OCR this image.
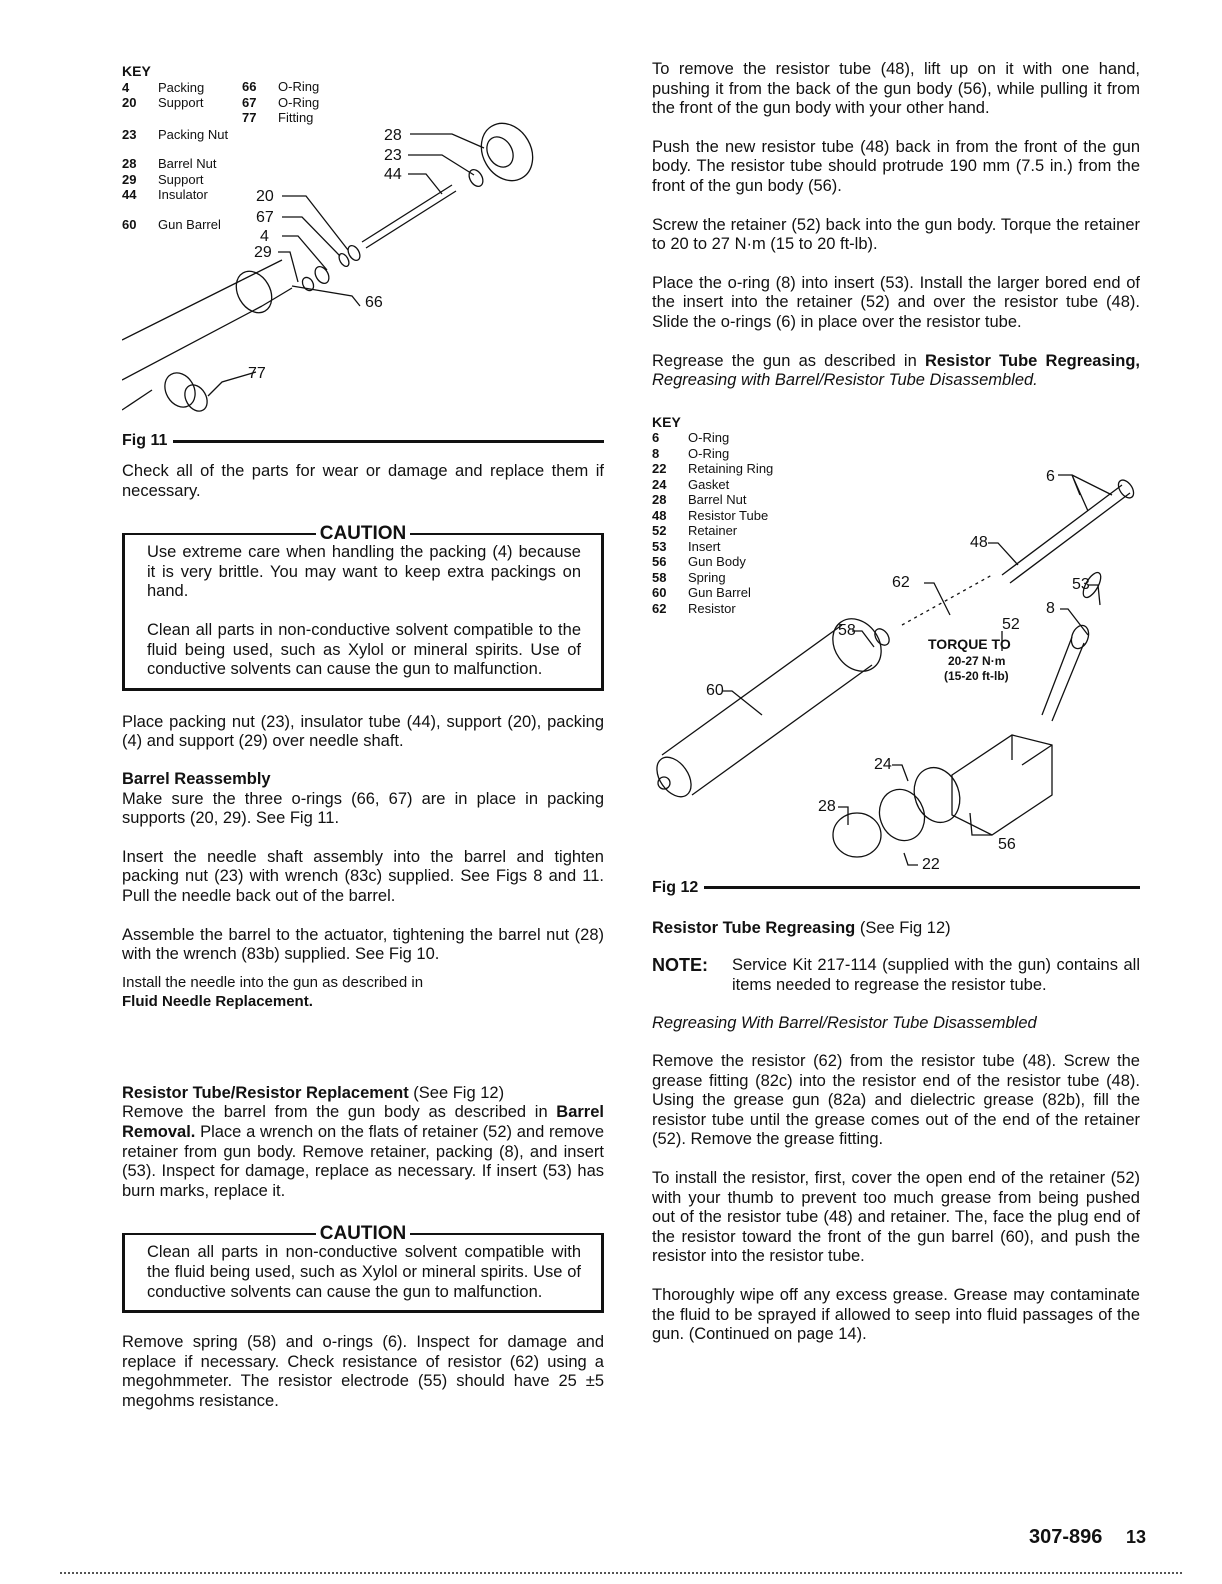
KEY
4 Packing
20 Support
23 Packing Nut
28 Barrel Nut
29 Support
44 Insulator
60 Gun Barrel
66 O-Ring
67 O-Ring
77 Fitting
28
23
44
20
67
4
29
66
77
Fig 11

Check all of the parts for wear or damage and replace them if necessary.

CAUTION

Use extreme care when handling the packing (4) because it is very brittle. You may want to keep extra packings on hand.

Clean all parts in non-conductive solvent compatible to the fluid being used, such as Xylol or mineral spirits. Use of conductive solvents can cause the gun to malfunction.

Place packing nut (23), insulator tube (44), support (20), packing (4) and support (29) over needle shaft.

Barrel Reassembly

Make sure the three o-rings (66, 67) are in place in packing supports (20, 29). See Fig 11.

Insert the needle shaft assembly into the barrel and tighten packing nut (23) with wrench (83c) supplied. See Figs 8 and 11. Pull the needle back out of the barrel.

Assemble the barrel to the actuator, tightening the barrel nut (28) with the wrench (83b) supplied. See Fig 10.

Install the needle into the gun as described in
Fluid Needle Replacement.

Resistor Tube/Resistor Replacement (See Fig 12)
Remove the barrel from the gun body as described in Barrel Removal. Place a wrench on the flats of retainer (52) and remove retainer from gun body. Remove retainer, packing (8), and insert (53). Inspect for damage, replace as necessary. If insert (53) has burn marks, replace it.

CAUTION

Clean all parts in non-conductive solvent compatible with the fluid being used, such as Xylol or mineral spirits. Use of conductive solvents can cause the gun to malfunction.

Remove spring (58) and o-rings (6). Inspect for damage and replace if necessary. Check resistance of resistor (62) using a megohmmeter. The resistor electrode (55) should have 25 ±5 megohms resistance.

To remove the resistor tube (48), lift up on it with one hand, pushing it from the back of the gun body (56), while pulling it from the front of the gun body with your other hand.

Push the new resistor tube (48) back in from the front of the gun body. The resistor tube should protrude 190 mm (7.5 in.) from the front of the gun body (56).

Screw the retainer (52) back into the gun body. Torque the retainer to 20 to 27 N·m (15 to 20 ft-lb).

Place the o-ring (8) into insert (53). Install the larger bored end of the insert into the retainer (52) and over the resistor tube (48). Slide the o-rings (6) in place over the resistor tube.

Regrease the gun as described in Resistor Tube Regreasing, Regreasing with Barrel/Resistor Tube Disassembled.

KEY
6 O-Ring
8 O-Ring
22 Retaining Ring
24 Gasket
28 Barrel Nut
48 Resistor Tube
52 Retainer
53 Insert
56 Gun Body
58 Spring
60 Gun Barrel
62 Resistor
6
48
62	53
8
58	52
60
24
28
56
22
TORQUE TO
20-27 N·m
(15-20 ft-lb)
Fig 12

Resistor Tube Regreasing (See Fig 12)

NOTE: Service Kit 217-114 (supplied with the gun) contains all items needed to regrease the resistor tube.

Regreasing With Barrel/Resistor Tube Disassembled

Remove the resistor (62) from the resistor tube (48). Screw the grease fitting (82c) into the resistor end of the resistor tube (48). Using the grease gun (82a) and dielectric grease (82b), fill the resistor tube until the grease comes out of the end of the retainer (52). Remove the grease fitting.

To install the resistor, first, cover the open end of the retainer (52) with your thumb to prevent too much grease from being pushed out of the resistor tube (48) and retainer. The, face the plug end of the resistor toward the front of the gun barrel (60), and push the resistor into the resistor tube.

Thoroughly wipe off any excess grease. Grease may contaminate the fluid to be sprayed if allowed to seep into fluid passages of the gun. (Continued on page 14).

307-896 13
